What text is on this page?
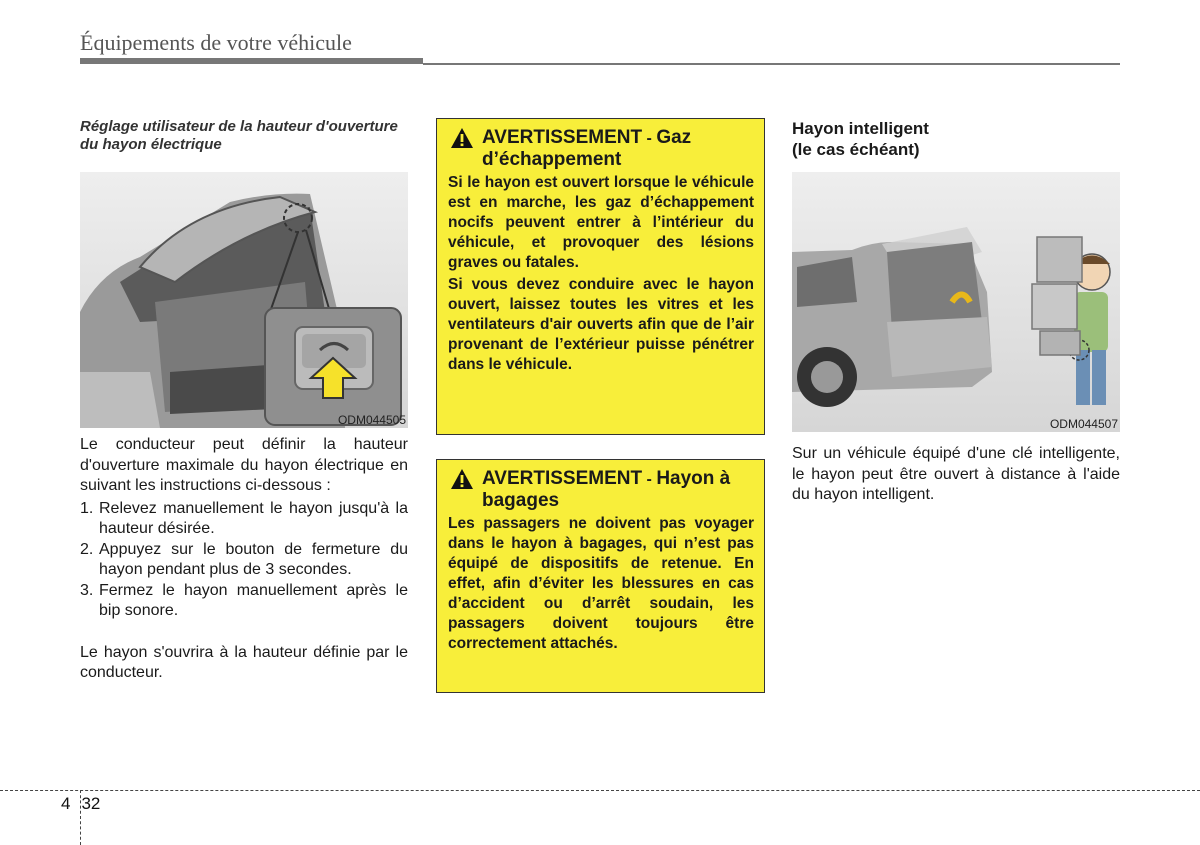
Équipements de votre véhicule

Réglage utilisateur de la hauteur d'ouverture du hayon électrique

ODM044505

Le conducteur peut définir la hauteur d'ouverture maximale du hayon électrique en suivant les instructions ci-dessous :

1. Relevez manuellement le hayon jusqu'à la hauteur désirée.
2. Appuyez sur le bouton de fermeture du hayon pendant plus de 3 secondes.
3. Fermez le hayon manuellement après le bip sonore.

Le hayon s'ouvrira à la hauteur définie par le conducteur.

AVERTISSEMENT - Gaz d’échappement

Si le hayon est ouvert lorsque le véhicule est en marche, les gaz d’échappement nocifs peuvent entrer à l’intérieur du véhicule, et provoquer des lésions graves ou fatales.

Si vous devez conduire avec le hayon ouvert, laissez toutes les vitres et les ventilateurs d'air ouverts afin que de l’air provenant de l’extérieur puisse pénétrer dans le véhicule.

AVERTISSEMENT - Hayon à bagages

Les passagers ne doivent pas voyager dans le hayon à bagages, qui n’est pas équipé de dispositifs de retenue. En effet, afin d’éviter les blessures en cas d’accident ou d’arrêt soudain, les passagers doivent toujours être correctement attachés.

Hayon intelligent
(le cas échéant)

ODM044507

Sur un véhicule équipé d'une clé intelligente, le hayon peut être ouvert à distance à l'aide du hayon intelligent.

4 32
